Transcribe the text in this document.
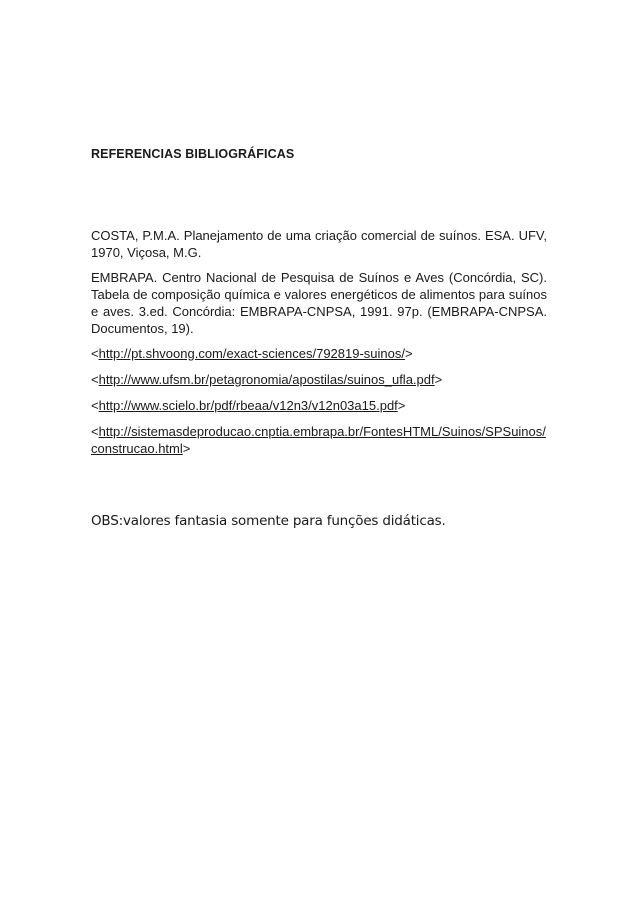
REFERENCIAS BIBLIOGRÁFICAS

COSTA, P.M.A. Planejamento de uma criação comercial de suínos. ESA. UFV, 1970, Viçosa, M.G.

EMBRAPA. Centro Nacional de Pesquisa de Suínos e Aves (Concórdia, SC). Tabela de composição química e valores energéticos de alimentos para suínos e aves. 3.ed. Concórdia: EMBRAPA-CNPSA, 1991. 97p. (EMBRAPA-CNPSA. Documentos, 19).

<http://pt.shvoong.com/exact-sciences/792819-suinos/>

<http://www.ufsm.br/petagronomia/apostilas/suinos_ufla.pdf>

<http://www.scielo.br/pdf/rbeaa/v12n3/v12n03a15.pdf>

<http://sistemasdeproducao.cnptia.embrapa.br/FontesHTML/Suinos/SPSuinos/construcao.html>

OBS:valores fantasia somente para funções didáticas.
